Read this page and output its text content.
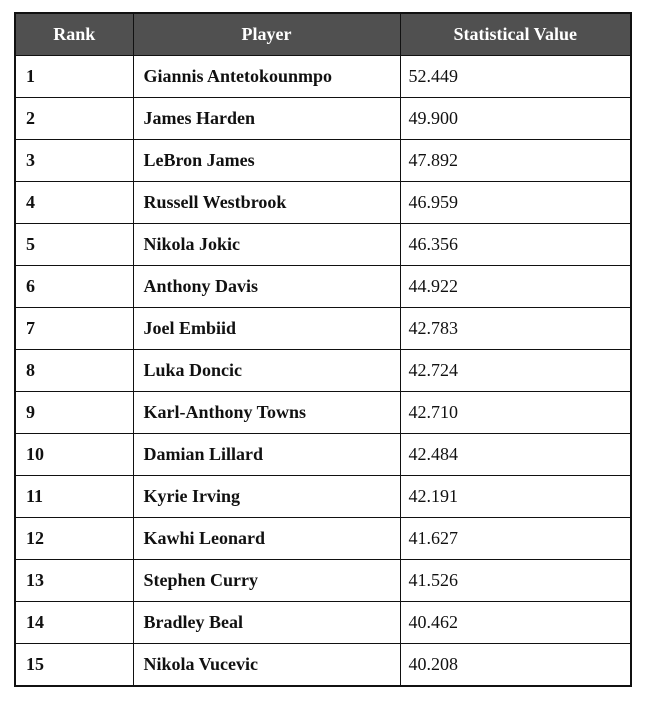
Rank	Player	Statistical Value
1	Giannis Antetokounmpo	52.449
2	James Harden	49.900
3	LeBron James	47.892
4	Russell Westbrook	46.959
5	Nikola Jokic	46.356
6	Anthony Davis	44.922
7	Joel Embiid	42.783
8	Luka Doncic	42.724
9	Karl-Anthony Towns	42.710
10	Damian Lillard	42.484
11	Kyrie Irving	42.191
12	Kawhi Leonard	41.627
13	Stephen Curry	41.526
14	Bradley Beal	40.462
15	Nikola Vucevic	40.208
